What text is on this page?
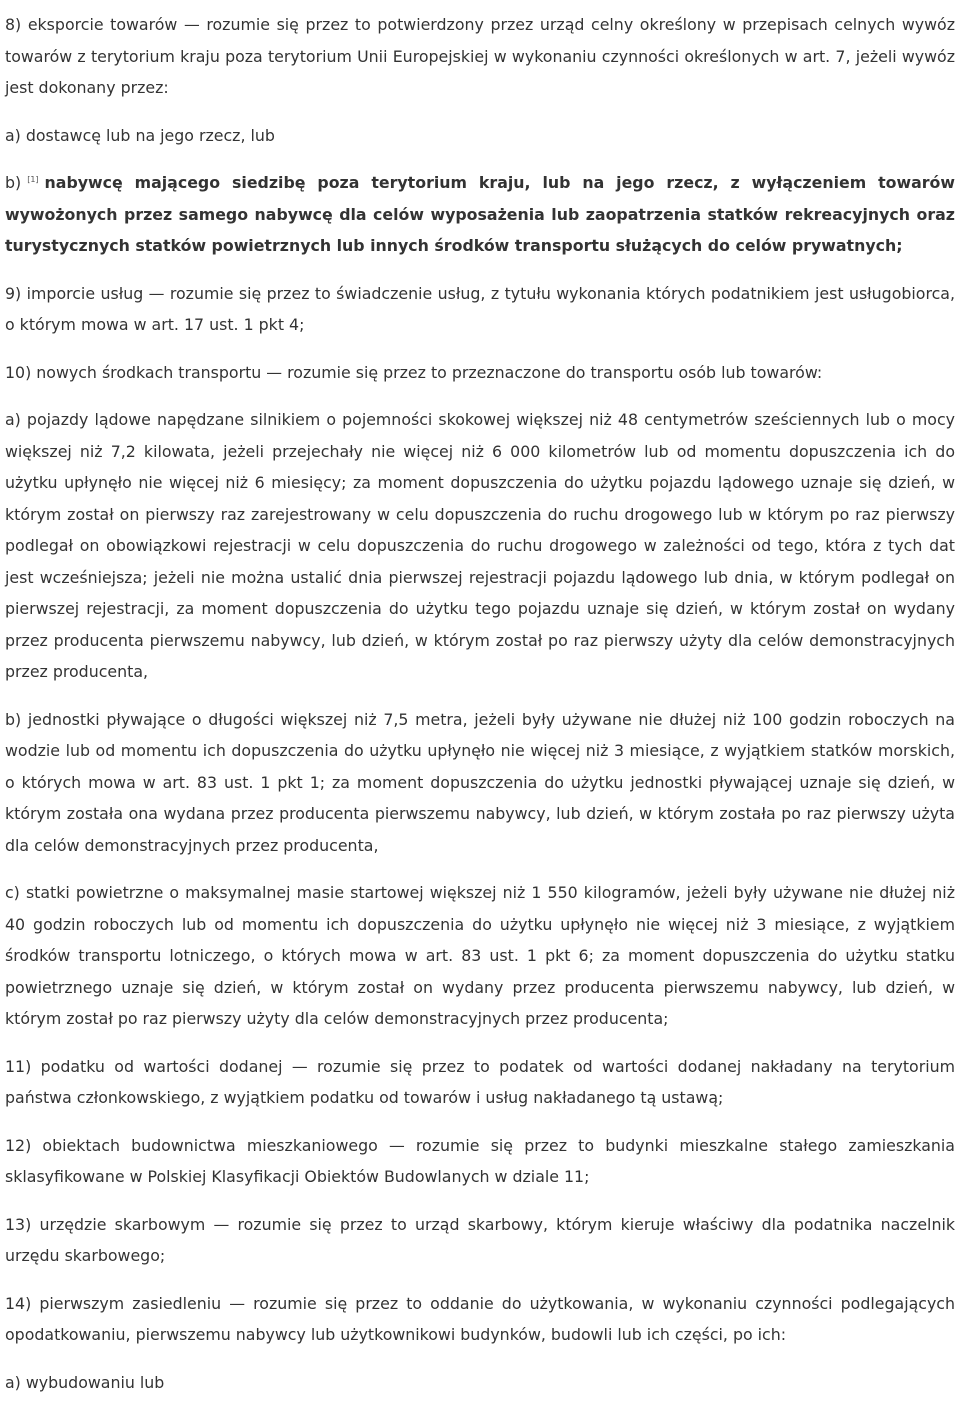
8) eksporcie towarów — rozumie się przez to potwierdzony przez urząd celny określony w przepisach celnych wywóz towarów z terytorium kraju poza terytorium Unii Europejskiej w wykonaniu czynności określonych w art. 7, jeżeli wywóz jest dokonany przez:

a) dostawcę lub na jego rzecz, lub

b) [1] nabywcę mającego siedzibę poza terytorium kraju, lub na jego rzecz, z wyłączeniem towarów wywożonych przez samego nabywcę dla celów wyposażenia lub zaopatrzenia statków rekreacyjnych oraz turystycznych statków powietrznych lub innych środków transportu służących do celów prywatnych;

9) imporcie usług — rozumie się przez to świadczenie usług, z tytułu wykonania których podatnikiem jest usługobiorca, o którym mowa w art. 17 ust. 1 pkt 4;

10) nowych środkach transportu — rozumie się przez to przeznaczone do transportu osób lub towarów:

a) pojazdy lądowe napędzane silnikiem o pojemności skokowej większej niż 48 centymetrów sześciennych lub o mocy większej niż 7,2 kilowata, jeżeli przejechały nie więcej niż 6 000 kilometrów lub od momentu dopuszczenia ich do użytku upłynęło nie więcej niż 6 miesięcy; za moment dopuszczenia do użytku pojazdu lądowego uznaje się dzień, w którym został on pierwszy raz zarejestrowany w celu dopuszczenia do ruchu drogowego lub w którym po raz pierwszy podlegał on obowiązkowi rejestracji w celu dopuszczenia do ruchu drogowego w zależności od tego, która z tych dat jest wcześniejsza; jeżeli nie można ustalić dnia pierwszej rejestracji pojazdu lądowego lub dnia, w którym podlegał on pierwszej rejestracji, za moment dopuszczenia do użytku tego pojazdu uznaje się dzień, w którym został on wydany przez producenta pierwszemu nabywcy, lub dzień, w którym został po raz pierwszy użyty dla celów demonstracyjnych przez producenta,

b) jednostki pływające o długości większej niż 7,5 metra, jeżeli były używane nie dłużej niż 100 godzin roboczych na wodzie lub od momentu ich dopuszczenia do użytku upłynęło nie więcej niż 3 miesiące, z wyjątkiem statków morskich, o których mowa w art. 83 ust. 1 pkt 1; za moment dopuszczenia do użytku jednostki pływającej uznaje się dzień, w którym została ona wydana przez producenta pierwszemu nabywcy, lub dzień, w którym została po raz pierwszy użyta dla celów demonstracyjnych przez producenta,

c) statki powietrzne o maksymalnej masie startowej większej niż 1 550 kilogramów, jeżeli były używane nie dłużej niż 40 godzin roboczych lub od momentu ich dopuszczenia do użytku upłynęło nie więcej niż 3 miesiące, z wyjątkiem środków transportu lotniczego, o których mowa w art. 83 ust. 1 pkt 6; za moment dopuszczenia do użytku statku powietrznego uznaje się dzień, w którym został on wydany przez producenta pierwszemu nabywcy, lub dzień, w którym został po raz pierwszy użyty dla celów demonstracyjnych przez producenta;

11) podatku od wartości dodanej — rozumie się przez to podatek od wartości dodanej nakładany na terytorium państwa członkowskiego, z wyjątkiem podatku od towarów i usług nakładanego tą ustawą;

12) obiektach budownictwa mieszkaniowego — rozumie się przez to budynki mieszkalne stałego zamieszkania sklasyfikowane w Polskiej Klasyfikacji Obiektów Budowlanych w dziale 11;

13) urzędzie skarbowym — rozumie się przez to urząd skarbowy, którym kieruje właściwy dla podatnika naczelnik urzędu skarbowego;

14) pierwszym zasiedleniu — rozumie się przez to oddanie do użytkowania, w wykonaniu czynności podlegających opodatkowaniu, pierwszemu nabywcy lub użytkownikowi budynków, budowli lub ich części, po ich:

a) wybudowaniu lub
